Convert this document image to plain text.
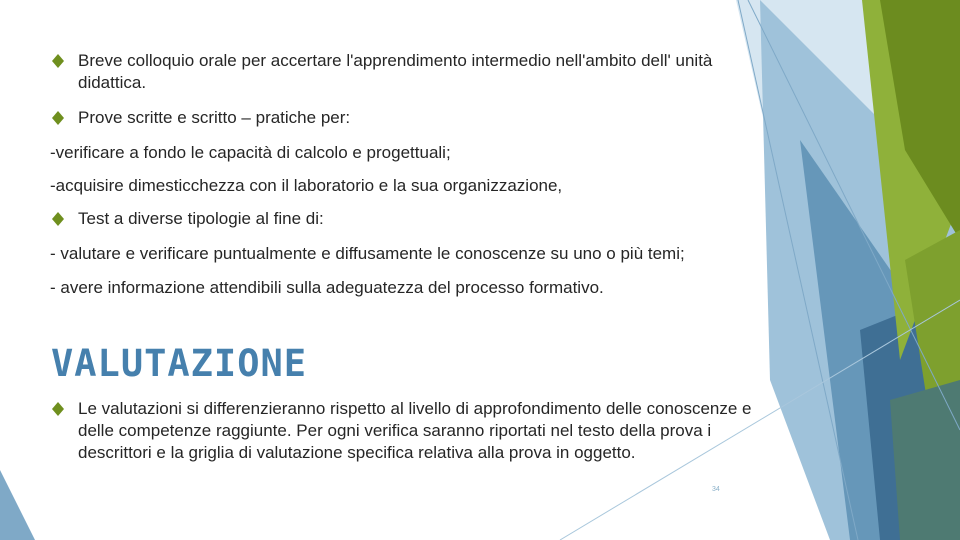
Breve colloquio orale per accertare l'apprendimento intermedio nell'ambito dell' unità
didattica.
Prove scritte e scritto – pratiche per:
-verificare a fondo le capacità di calcolo e progettuali;
-acquisire dimesticchezza con il laboratorio e la sua organizzazione,
Test a diverse tipologie al fine di:
- valutare e verificare puntualmente e diffusamente le conoscenze su uno o più temi;
- avere informazione attendibili sulla adeguatezza del processo formativo.
VALUTAZIONE
Le valutazioni si differenzieranno rispetto al livello di approfondimento delle conoscenze e
delle competenze raggiunte. Per ogni verifica saranno riportati nel testo della prova i
descrittori e la griglia di valutazione specifica relativa alla prova in oggetto.
34
